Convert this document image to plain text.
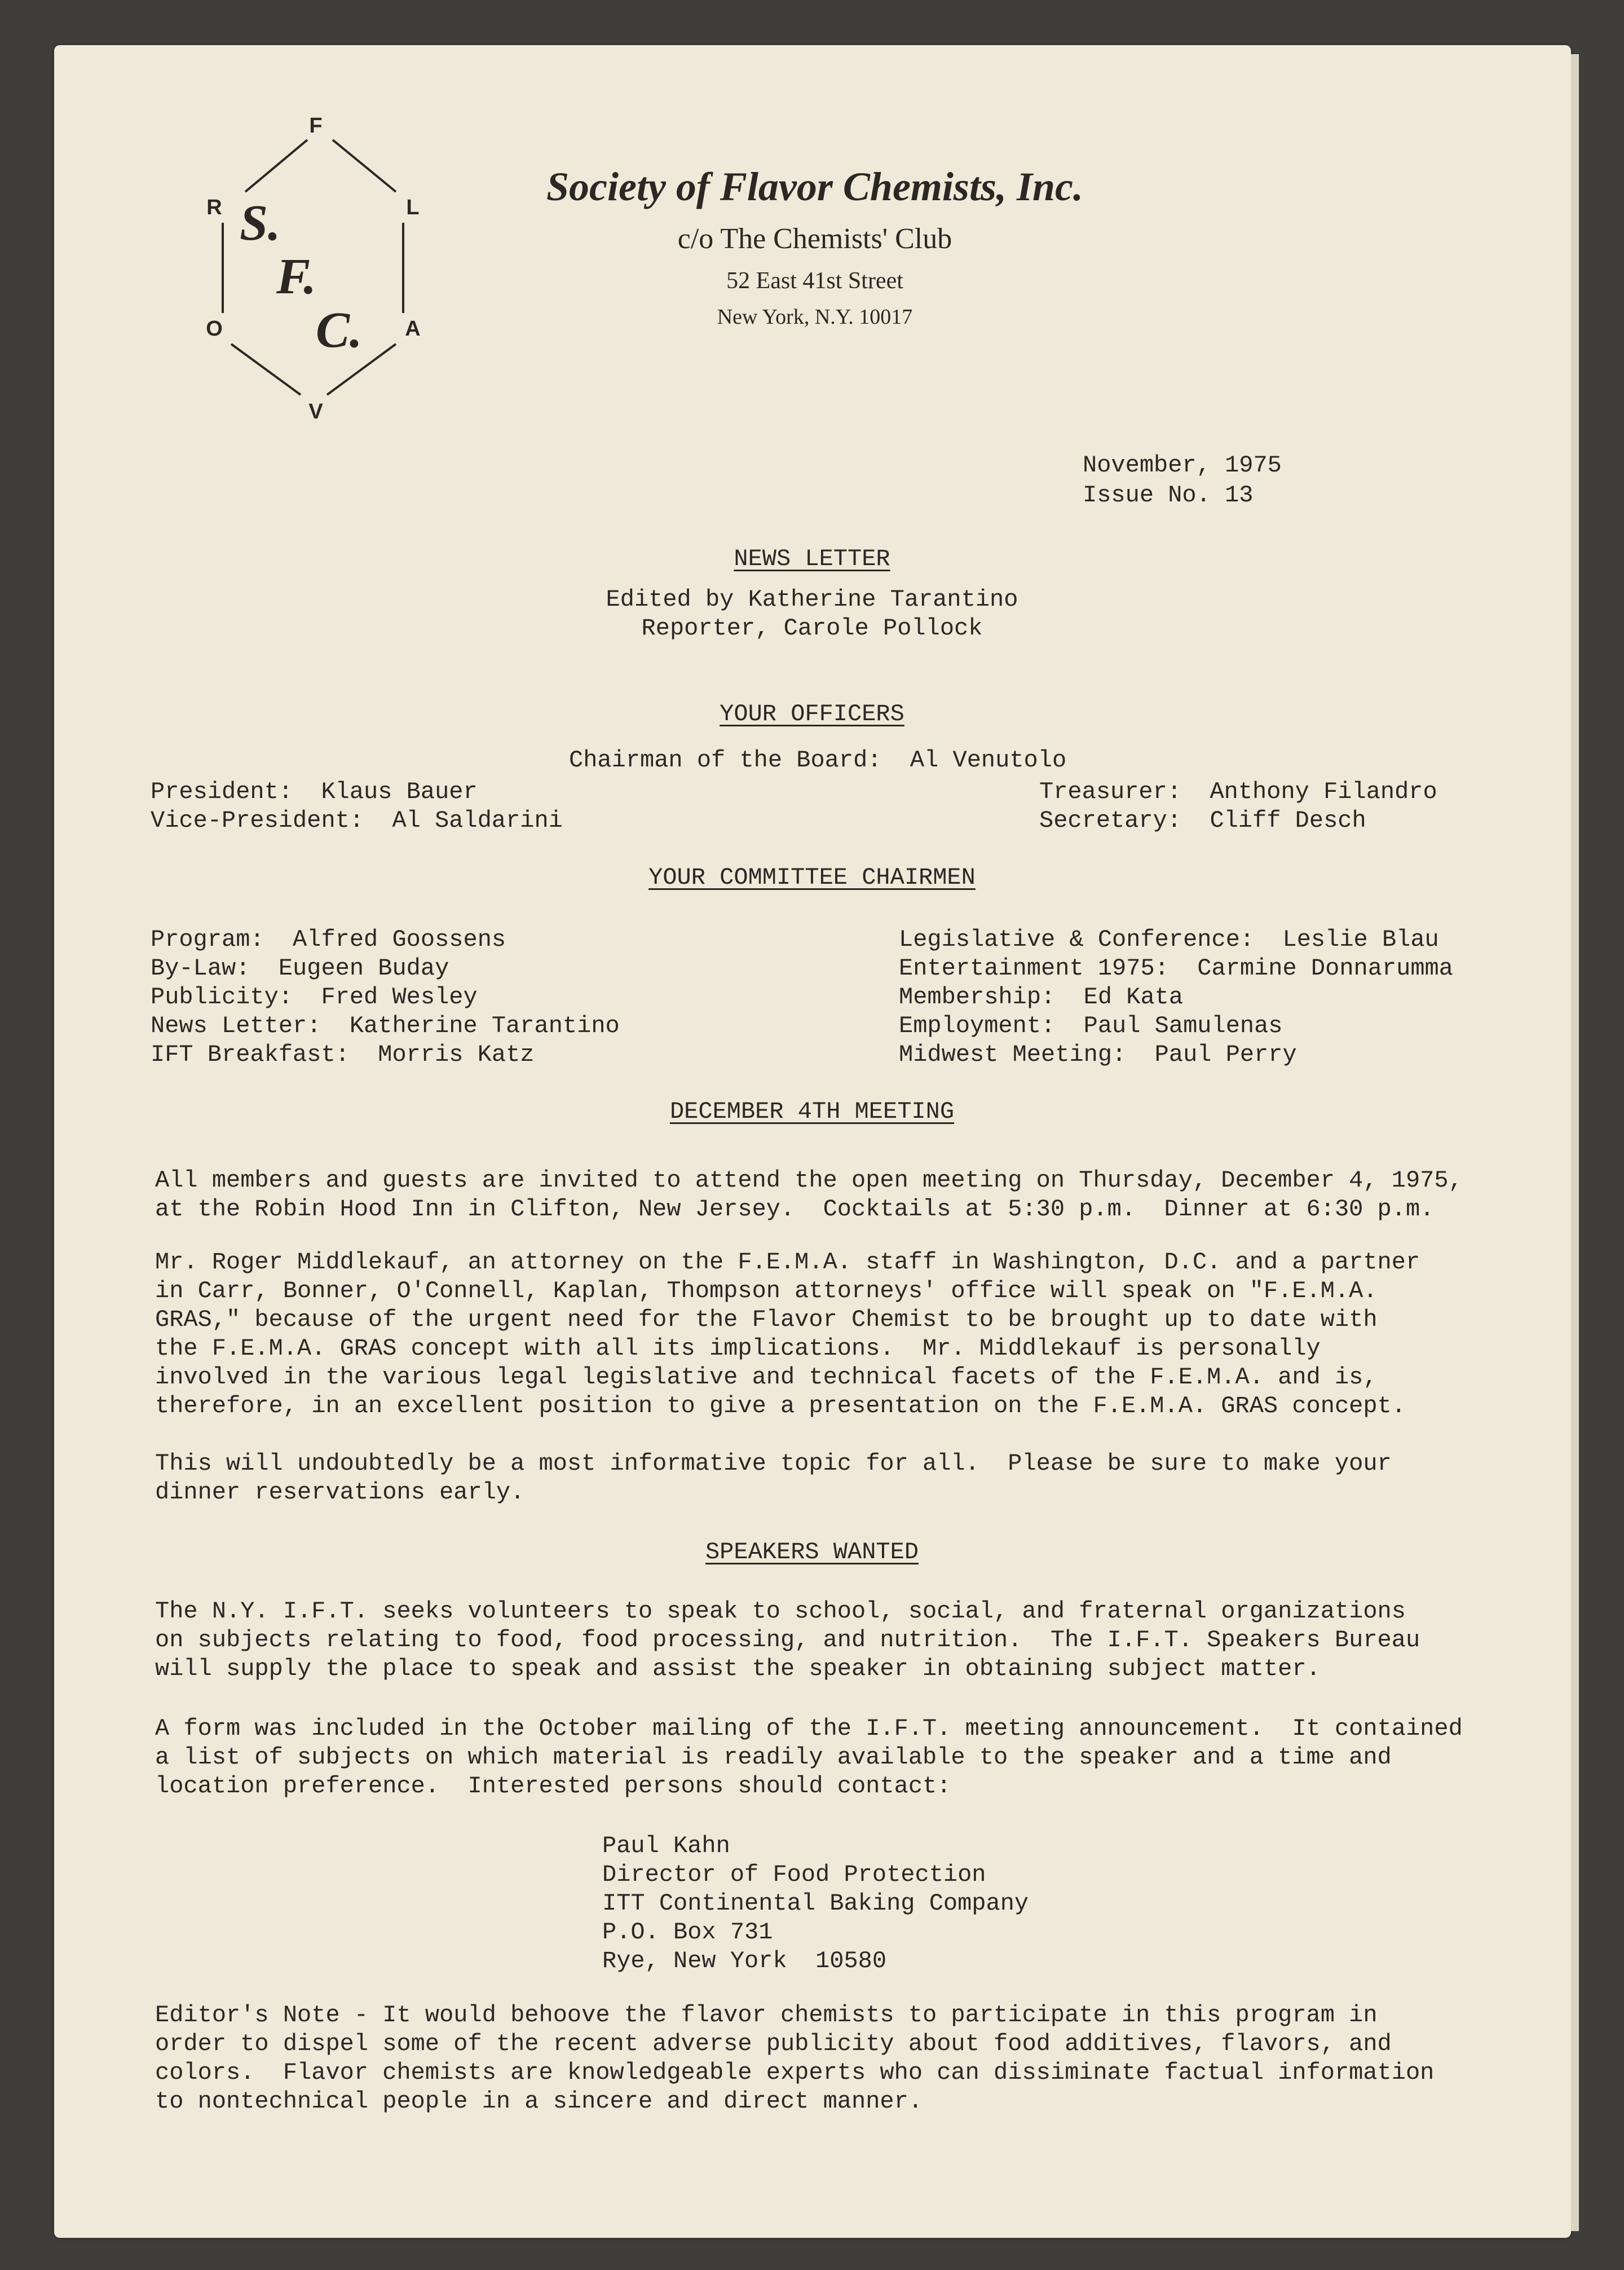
F
L
A
V
O
R S.
F.
C.
Society of Flavor Chemists, Inc.
c/o The Chemists' Club
52 East 41st Street
New York, N.Y. 10017
November, 1975
Issue No. 13
NEWS LETTER
Edited by Katherine Tarantino
Reporter, Carole Pollock
YOUR OFFICERS
Chairman of the Board:  Al Venutolo
President:  Klaus Bauer
Vice-President:  Al Saldarini
Treasurer:  Anthony Filandro
Secretary:  Cliff Desch
YOUR COMMITTEE CHAIRMEN
Program:  Alfred Goossens
By-Law:  Eugeen Buday
Publicity:  Fred Wesley
News Letter:  Katherine Tarantino
IFT Breakfast:  Morris Katz
Legislative & Conference:  Leslie Blau
Entertainment 1975:  Carmine Donnarumma
Membership:  Ed Kata
Employment:  Paul Samulenas
Midwest Meeting:  Paul Perry
DECEMBER 4TH MEETING
All members and guests are invited to attend the open meeting on Thursday, December 4, 1975,
at the Robin Hood Inn in Clifton, New Jersey.  Cocktails at 5:30 p.m.  Dinner at 6:30 p.m.
Mr. Roger Middlekauf, an attorney on the F.E.M.A. staff in Washington, D.C. and a partner
in Carr, Bonner, O'Connell, Kaplan, Thompson attorneys' office will speak on "F.E.M.A.
GRAS," because of the urgent need for the Flavor Chemist to be brought up to date with
the F.E.M.A. GRAS concept with all its implications.  Mr. Middlekauf is personally
involved in the various legal legislative and technical facets of the F.E.M.A. and is,
therefore, in an excellent position to give a presentation on the F.E.M.A. GRAS concept.
This will undoubtedly be a most informative topic for all.  Please be sure to make your
dinner reservations early.
SPEAKERS WANTED
The N.Y. I.F.T. seeks volunteers to speak to school, social, and fraternal organizations
on subjects relating to food, food processing, and nutrition.  The I.F.T. Speakers Bureau
will supply the place to speak and assist the speaker in obtaining subject matter.
A form was included in the October mailing of the I.F.T. meeting announcement.  It contained
a list of subjects on which material is readily available to the speaker and a time and
location preference.  Interested persons should contact:
Paul Kahn
Director of Food Protection
ITT Continental Baking Company
P.O. Box 731
Rye, New York  10580
Editor's Note - It would behoove the flavor chemists to participate in this program in
order to dispel some of the recent adverse publicity about food additives, flavors, and
colors.  Flavor chemists are knowledgeable experts who can dissiminate factual information
to nontechnical people in a sincere and direct manner.
